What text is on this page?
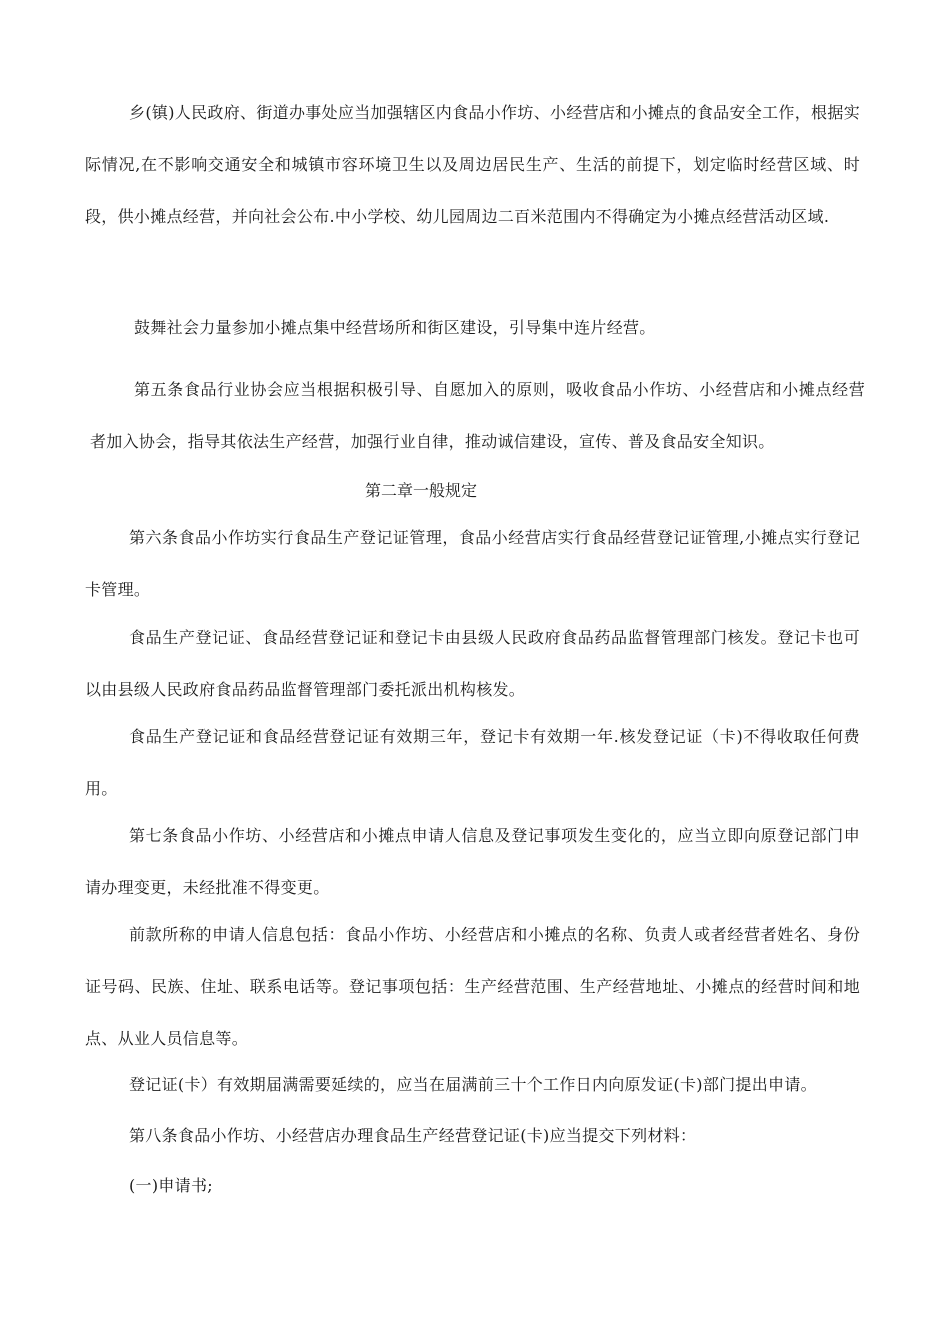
乡(镇)人民政府、街道办事处应当加强辖区内食品小作坊、小经营店和小摊点的食品安全工作，根据实际情况,在不影响交通安全和城镇市容环境卫生以及周边居民生产、生活的前提下，划定临时经营区域、时段，供小摊点经营，并向社会公布.中小学校、幼儿园周边二百米范围内不得确定为小摊点经营活动区域.

鼓舞社会力量参加小摊点集中经营场所和街区建设，引导集中连片经营。

第五条食品行业协会应当根据积极引导、自愿加入的原则，吸收食品小作坊、小经营店和小摊点经营者加入协会，指导其依法生产经营，加强行业自律，推动诚信建设，宣传、普及食品安全知识。

第二章一般规定

第六条食品小作坊实行食品生产登记证管理，食品小经营店实行食品经营登记证管理,小摊点实行登记卡管理。

食品生产登记证、食品经营登记证和登记卡由县级人民政府食品药品监督管理部门核发。登记卡也可以由县级人民政府食品药品监督管理部门委托派出机构核发。

食品生产登记证和食品经营登记证有效期三年，登记卡有效期一年.核发登记证（卡)不得收取任何费用。

第七条食品小作坊、小经营店和小摊点申请人信息及登记事项发生变化的，应当立即向原登记部门申请办理变更，未经批准不得变更。

前款所称的申请人信息包括：食品小作坊、小经营店和小摊点的名称、负责人或者经营者姓名、身份证号码、民族、住址、联系电话等。登记事项包括：生产经营范围、生产经营地址、小摊点的经营时间和地点、从业人员信息等。

登记证(卡）有效期届满需要延续的，应当在届满前三十个工作日内向原发证(卡)部门提出申请。

第八条食品小作坊、小经营店办理食品生产经营登记证(卡)应当提交下列材料：

(一)申请书;
